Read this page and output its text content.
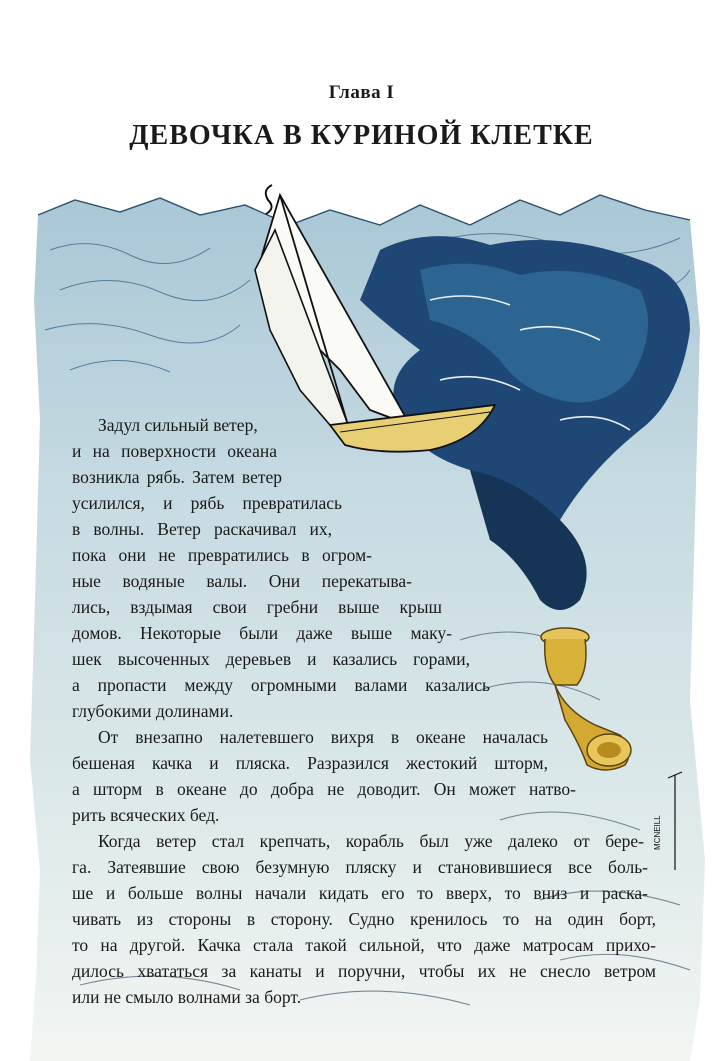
MCNEILL
Глава I
ДЕВОЧКА В КУРИНОЙ КЛЕТКЕ

Задул сильный ветер,
и на поверхности океана
возникла рябь. Затем ветер
усилился, и рябь превратилась
в волны. Ветер раскачивал их,
пока они не превратились в огром-
ные водяные валы. Они перекатыва-
лись, вздымая свои гребни выше крыш
домов. Некоторые были даже выше маку-
шек высоченных деревьев и казались горами,
а пропасти между огромными валами казались
глубокими долинами.

От внезапно налетевшего вихря в океане началась
бешеная качка и пляска. Разразился жестокий шторм,
а шторм в океане до добра не доводит. Он может натво-
рить всяческих бед.

Когда ветер стал крепчать, корабль был уже далеко от бере-
га. Затеявшие свою безумную пляску и становившиеся все боль-
ше и больше волны начали кидать его то вверх, то вниз и раска-
чивать из стороны в сторону. Судно кренилось то на один борт,
то на другой. Качка стала такой сильной, что даже матросам прихо-
дилось хвататься за канаты и поручни, чтобы их не снесло ветром
или не смыло волнами за борт.
